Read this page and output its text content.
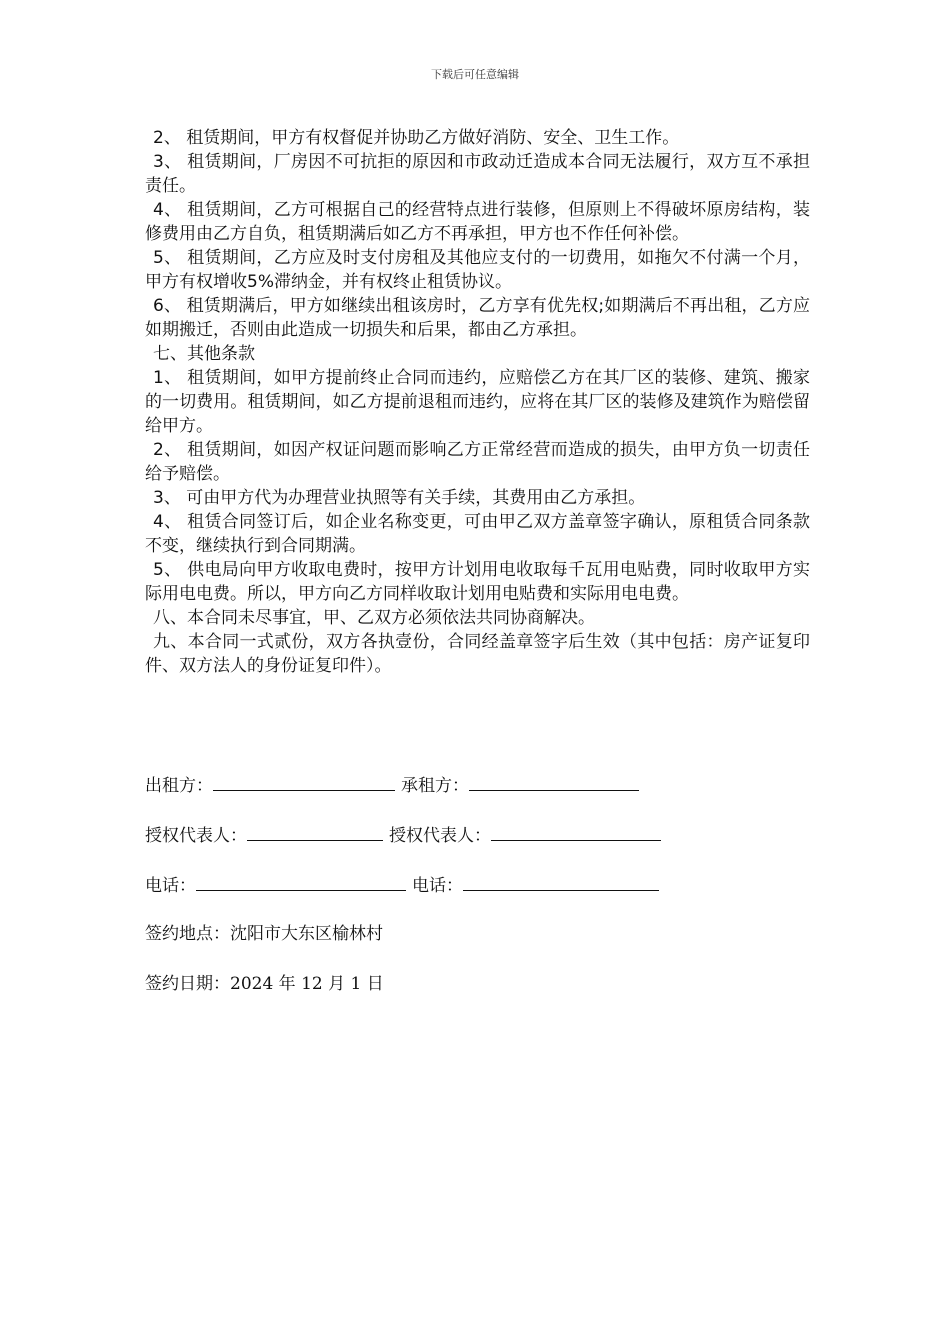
下载后可任意编辑

2、 租赁期间，甲方有权督促并协助乙方做好消防、安全、卫生工作。

3、 租赁期间，厂房因不可抗拒的原因和市政动迁造成本合同无法履行，双方互不承担责任。

4、 租赁期间，乙方可根据自己的经营特点进行装修，但原则上不得破坏原房结构，装修费用由乙方自负，租赁期满后如乙方不再承担，甲方也不作任何补偿。

5、 租赁期间，乙方应及时支付房租及其他应支付的一切费用，如拖欠不付满一个月，甲方有权增收5%滞纳金，并有权终止租赁协议。

6、 租赁期满后，甲方如继续出租该房时，乙方享有优先权;如期满后不再出租，乙方应如期搬迁，否则由此造成一切损失和后果，都由乙方承担。

七、其他条款

1、 租赁期间，如甲方提前终止合同而违约，应赔偿乙方在其厂区的装修、建筑、搬家的一切费用。租赁期间，如乙方提前退租而违约，应将在其厂区的装修及建筑作为赔偿留给甲方。

2、 租赁期间，如因产权证问题而影响乙方正常经营而造成的损失，由甲方负一切责任给予赔偿。

3、 可由甲方代为办理营业执照等有关手续，其费用由乙方承担。

4、 租赁合同签订后，如企业名称变更，可由甲乙双方盖章签字确认，原租赁合同条款不变，继续执行到合同期满。

5、 供电局向甲方收取电费时，按甲方计划用电收取每千瓦用电贴费，同时收取甲方实际用电电费。所以，甲方向乙方同样收取计划用电贴费和实际用电电费。

八、本合同未尽事宜，甲、乙双方必须依法共同协商解决。

九、本合同一式贰份，双方各执壹份，合同经盖章签字后生效（其中包括：房产证复印件、双方法人的身份证复印件）。

出租方：	承租方：
授权代表人：	授权代表人：
电话：	电话：
签约地点：沈阳市大东区榆林村
签约日期：2024 年 12 月 1 日
